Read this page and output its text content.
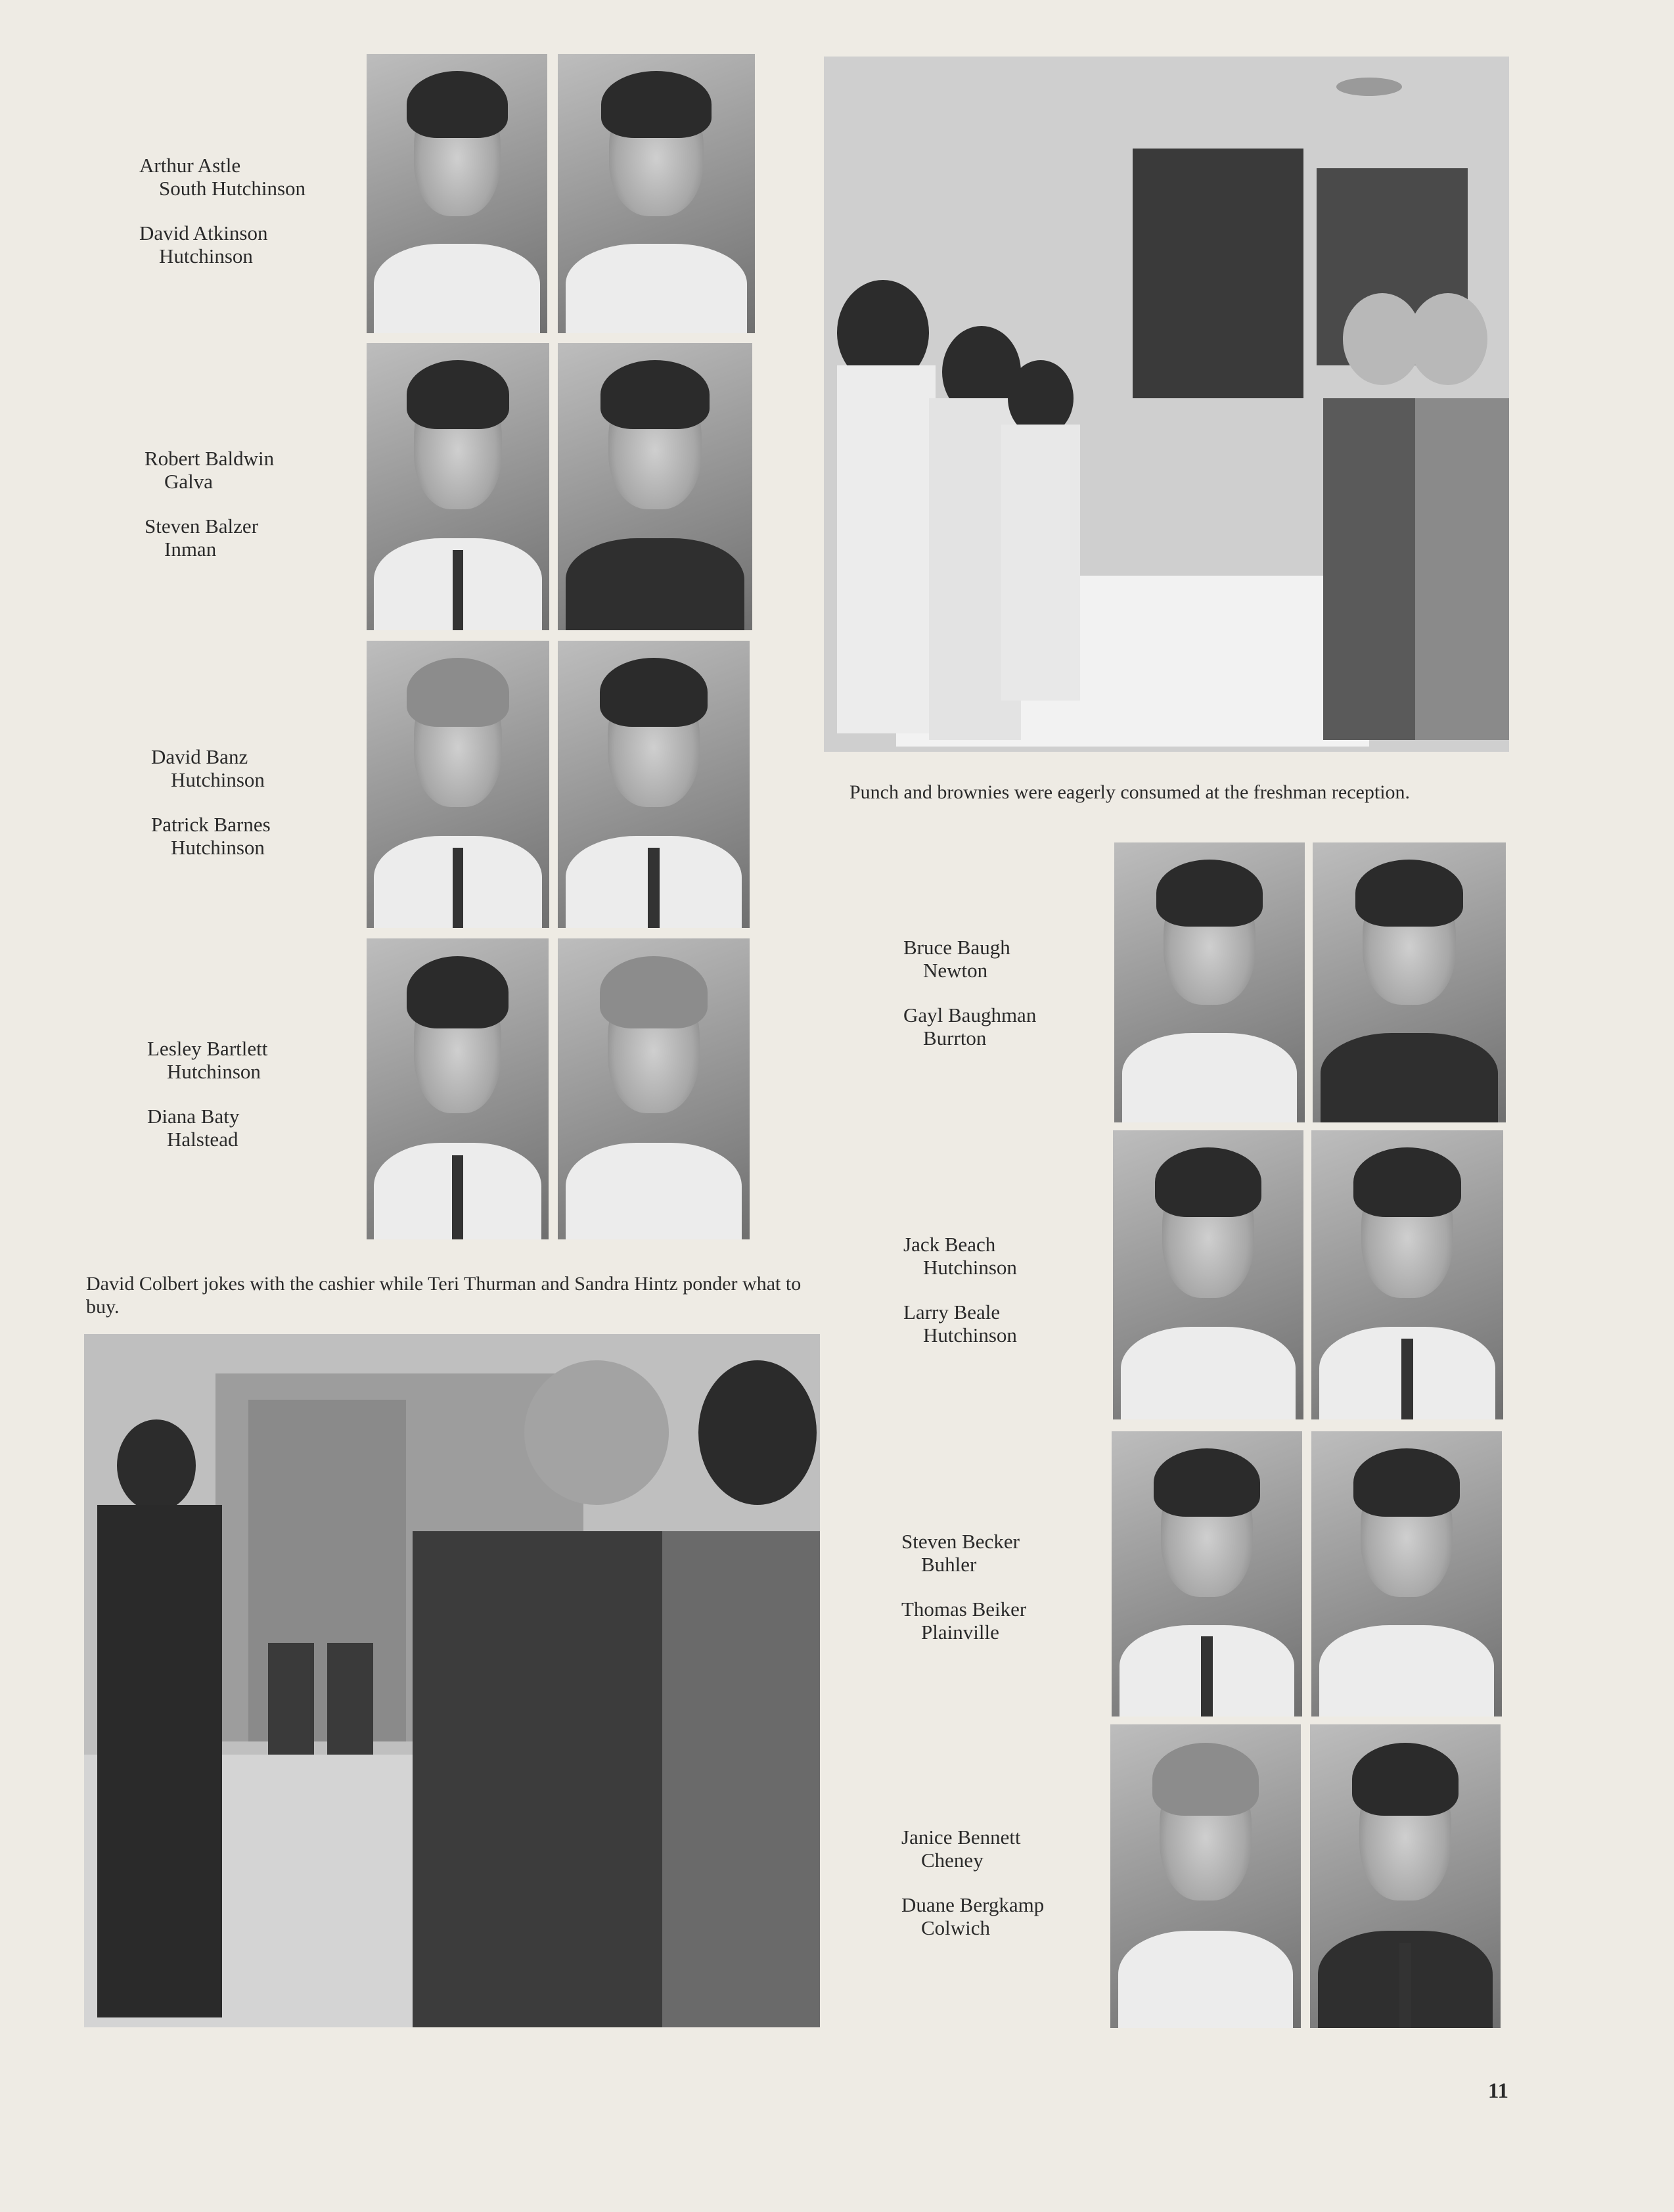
Arthur Astle
South Hutchinson
David Atkinson
Hutchinson
Robert Baldwin
Galva
Steven Balzer
Inman
David Banz
Hutchinson
Patrick Barnes
Hutchinson
Lesley Bartlett
Hutchinson
Diana Baty
Halstead
Punch and brownies were eagerly consumed at the freshman reception.
Bruce Baugh
Newton
Gayl Baughman
Burrton
Jack Beach
Hutchinson
Larry Beale
Hutchinson
Steven Becker
Buhler
Thomas Beiker
Plainville
Janice Bennett
Cheney
Duane Bergkamp
Colwich
David Colbert jokes with the cashier while Teri Thurman and Sandra Hintz ponder what to buy.
11
